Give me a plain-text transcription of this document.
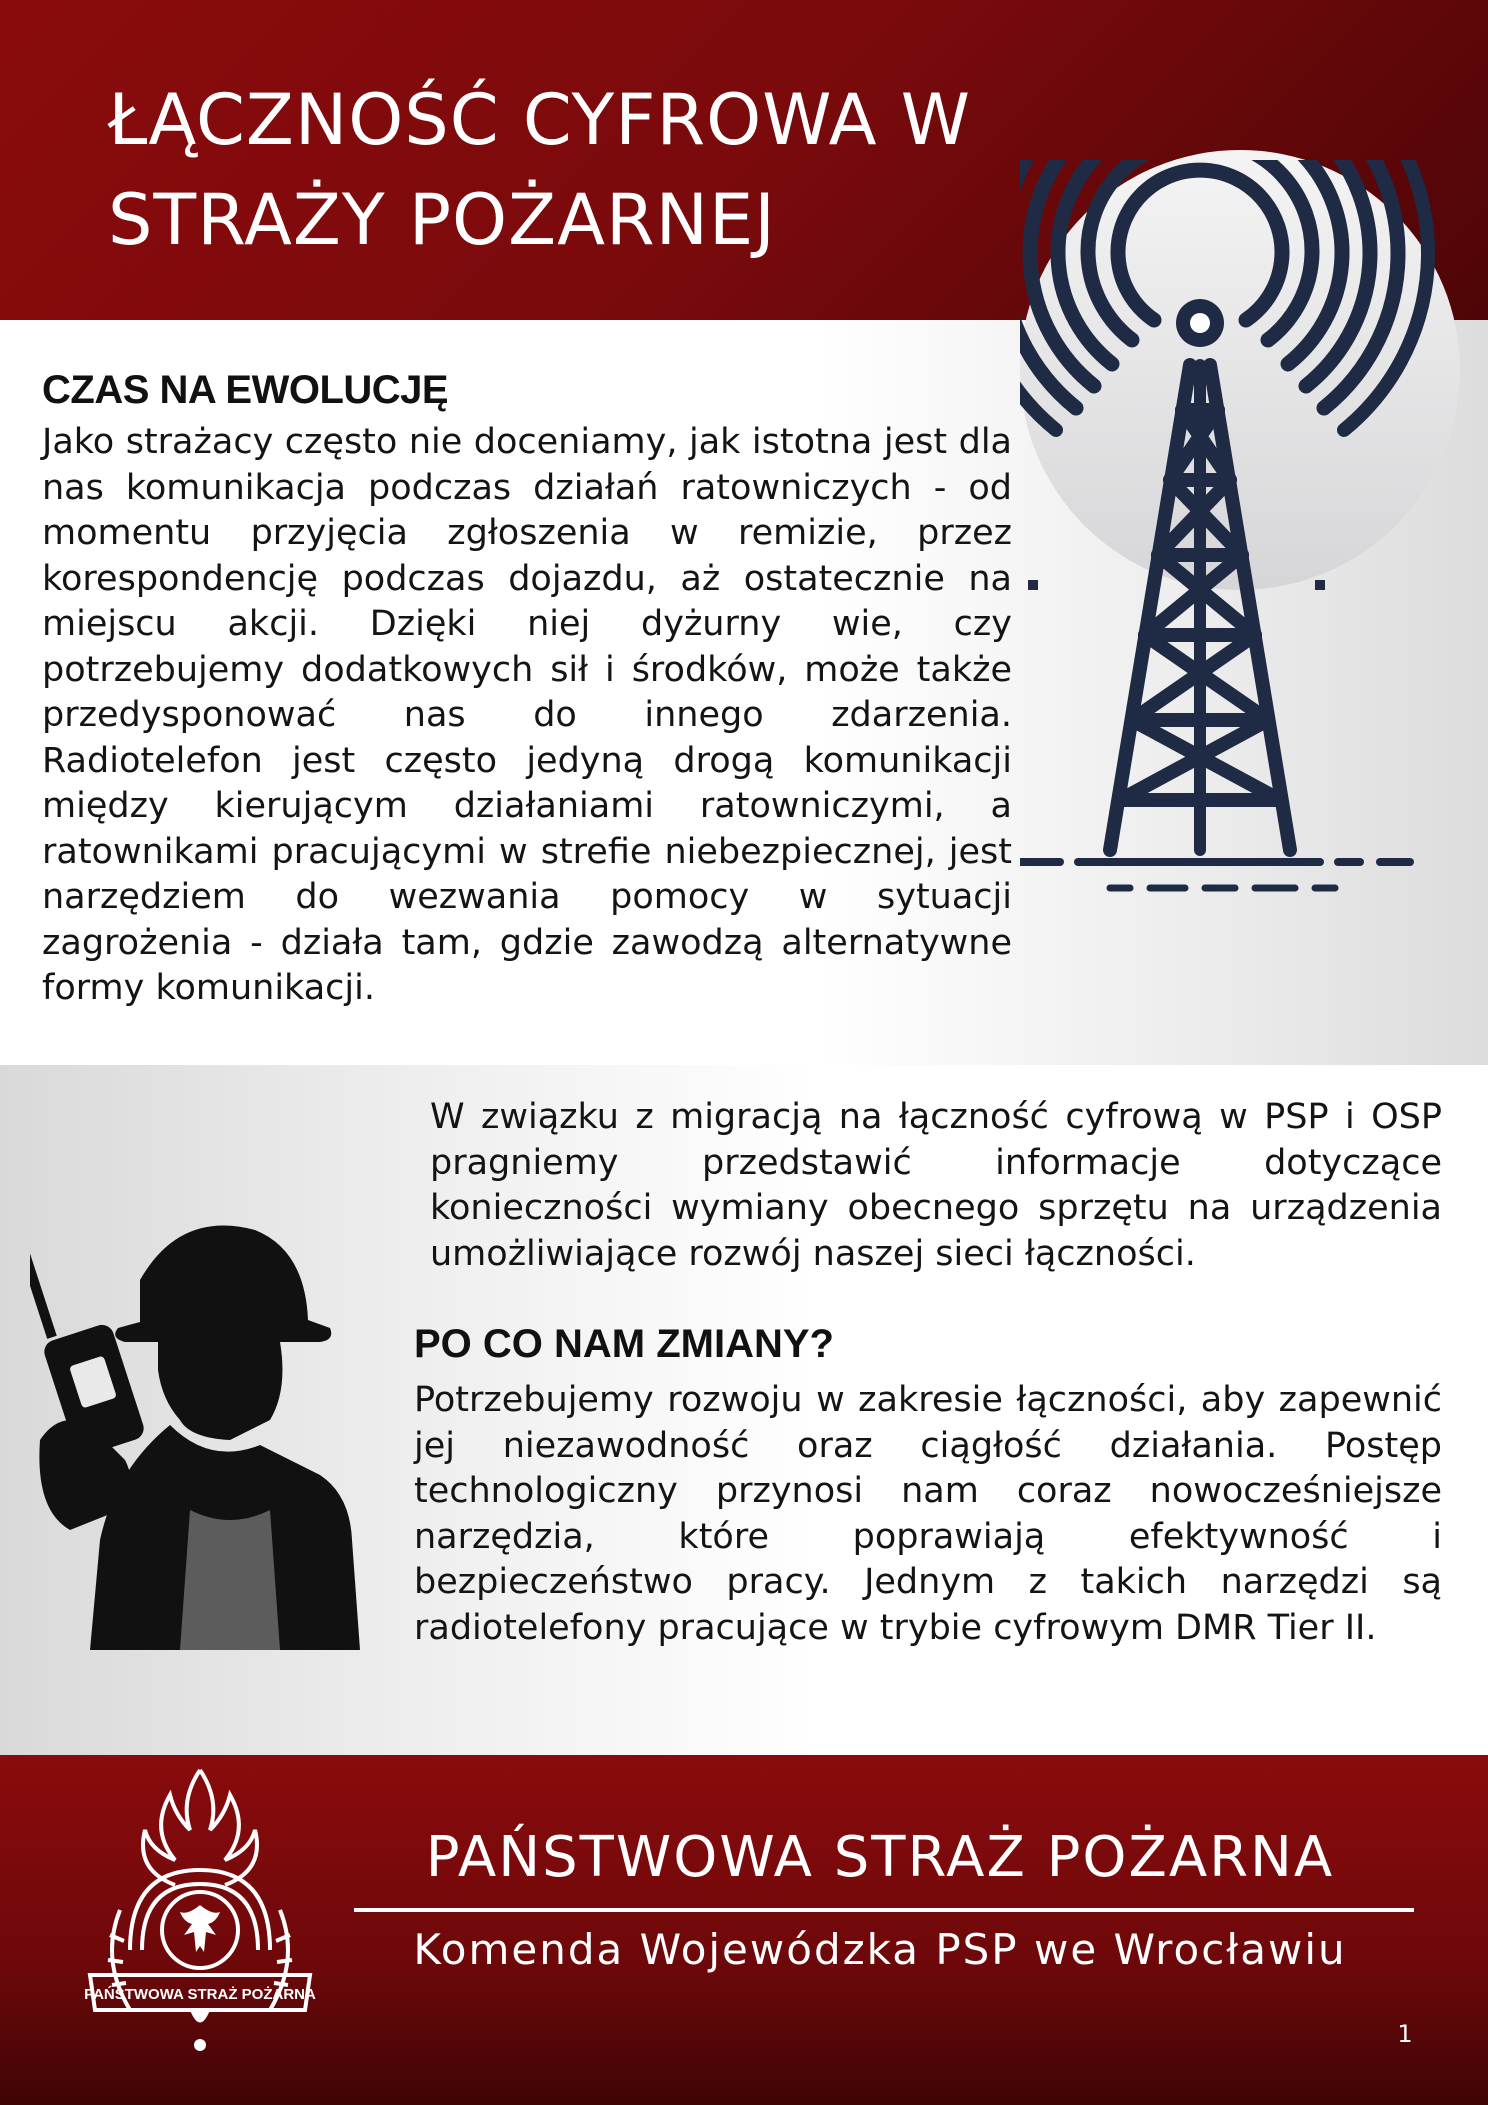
ŁĄCZNOŚĆ CYFROWA W
STRAŻY POŻARNEJ
CZAS NA EWOLUCJĘ

Jako strażacy często nie doceniamy, jak istotna jest dla nas komunikacja podczas działań ratowniczych - od momentu przyjęcia zgłoszenia w remizie, przez korespondencję podczas dojazdu, aż ostatecznie na miejscu akcji. Dzięki niej dyżurny wie, czy potrzebujemy dodatkowych sił i środków, może także przedysponować nas do innego zdarzenia. Radiotelefon jest często jedyną drogą komunikacji między kierującym działaniami ratowniczymi, a ratownikami pracującymi w strefie niebezpiecznej, jest narzędziem do wezwania pomocy w sytuacji zagrożenia - działa tam, gdzie zawodzą alternatywne formy komunikacji.

W związku z migracją na łączność cyfrową w PSP i OSP pragniemy przedstawić informacje dotyczące konieczności wymiany obecnego sprzętu na urządzenia umożliwiające rozwój naszej sieci łączności.

PO CO NAM ZMIANY?

Potrzebujemy rozwoju w zakresie łączności, aby zapewnić jej niezawodność oraz ciągłość działania. Postęp technologiczny przynosi nam coraz nowocześniejsze narzędzia, które poprawiają efektywność i bezpieczeństwo pracy. Jednym z takich narzędzi są radiotelefony pracujące w trybie cyfrowym DMR Tier II.

PAŃSTWOWA STRAŻ POŻARNA
PAŃSTWOWA STRAŻ POŻARNA
Komenda Wojewódzka PSP we Wrocławiu
1
